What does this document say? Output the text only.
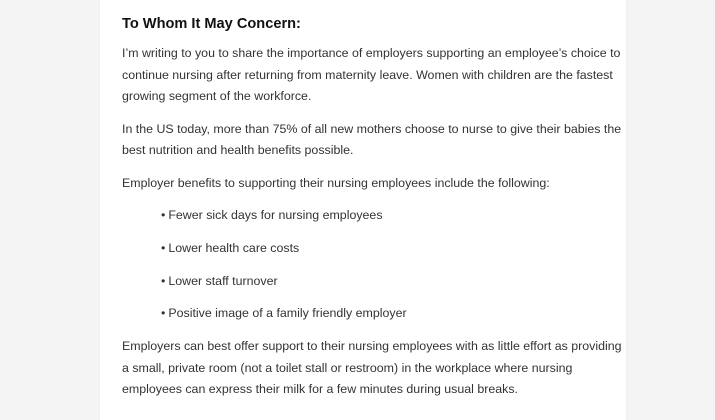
To Whom It May Concern:

I’m writing to you to share the importance of employers supporting an employee’s choice to continue nursing after returning from maternity leave. Women with children are the fastest growing segment of the workforce.

In the US today, more than 75% of all new mothers choose to nurse to give their babies the best nutrition and health benefits possible.

Employer benefits to supporting their nursing employees include the following:

• Fewer sick days for nursing employees
• Lower health care costs
• Lower staff turnover
• Positive image of a family friendly employer

Employers can best offer support to their nursing employees with as little effort as providing a small, private room (not a toilet stall or restroom) in the workplace where nursing employees can express their milk for a few minutes during usual breaks.
